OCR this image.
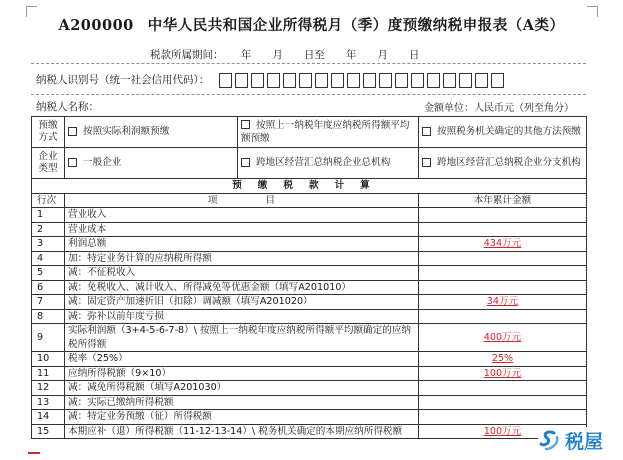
A200000 中华人民共和国企业所得税月（季）度预缴纳税申报表（A类）
税款所属期间： 年　　月　　日至　　年　　月　　日
纳税人识别号（统一社会信用代码）：
纳税人名称：	金额单位：人民币元（列至角分）
预缴方式	按照实际利润额预缴	按照上一纳税年度应纳税所得额平均额预缴	按照税务机关确定的其他方法预缴
企业类型	一般企业	跨地区经营汇总纳税企业总机构	跨地区经营汇总纳税企业分支机构
预缴税款计算			
行次	项　　　　　目		本年累计金额
1	营业收入		
2	营业成本		
3	利润总额		434万元
4	加：特定业务计算的应纳税所得额		
5	减：不征税收入		
6	减：免税收入、减计收入、所得减免等优惠金额（填写A201010）		
7	减：固定资产加速折旧（扣除）调减额（填写A201020）		34万元
8	减：弥补以前年度亏损		
9	实际利润额（3+4-5-6-7-8）\ 按照上一纳税年度应纳税所得额平均额确定的应纳税所得额		400万元
10	税率（25%）		25%
11	应纳所得税额（9×10）		100万元
12	减：减免所得税额（填写A201030）		
13	减：实际已缴纳所得税额		
14	减：特定业务预缴（征）所得税额		
15	本期应补（退）所得税额（11-12-13-14）\ 税务机关确定的本期应纳所得税额		100万元 税屋
